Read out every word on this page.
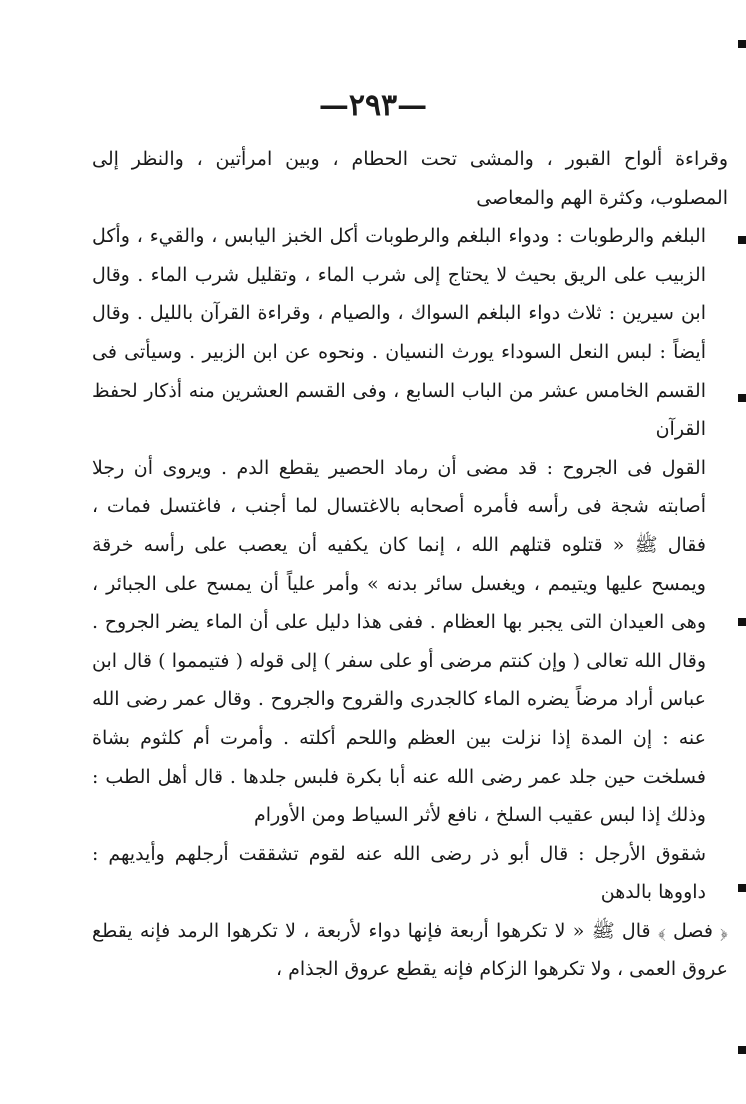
—٢٩٣—

وقراءة ألواح القبور ، والمشى تحت الحطام ، وبين امرأتين ، والنظر إلى المصلوب، وكثرة الهم والمعاصى

البلغم والرطوبات : ودواء البلغم والرطوبات أكل الخبز اليابس ، والقيء ، وأكل الزبيب على الريق بحيث لا يحتاج إلى شرب الماء ، وتقليل شرب الماء . وقال ابن سيرين : ثلاث دواء البلغم السواك ، والصيام ، وقراءة القرآن بالليل . وقال أيضاً : لبس النعل السوداء يورث النسيان . ونحوه عن ابن الزبير . وسيأتى فى القسم الخامس عشر من الباب السابع ، وفى القسم العشرين منه أذكار لحفظ القرآن

القول فى الجروح : قد مضى أن رماد الحصير يقطع الدم . ويروى أن رجلا أصابته شجة فى رأسه فأمره أصحابه بالاغتسال لما أجنب ، فاغتسل فمات ، فقال ﷺ « قتلوه قتلهم الله ، إنما كان يكفيه أن يعصب على رأسه خرقة ويمسح عليها ويتيمم ، ويغسل سائر بدنه » وأمر علياً أن يمسح على الجبائر ، وهى العيدان التى يجبر بها العظام . ففى هذا دليل على أن الماء يضر الجروح . وقال الله تعالى ( وإن كنتم مرضى أو على سفر ) إلى قوله ( فتيمموا ) قال ابن عباس أراد مرضاً يضره الماء كالجدرى والقروح والجروح . وقال عمر رضى الله عنه : إن المدة إذا نزلت بين العظم واللحم أكلته . وأمرت أم كلثوم بشاة فسلخت حين جلد عمر رضى الله عنه أبا بكرة فلبس جلدها . قال أهل الطب : وذلك إذا لبس عقيب السلخ ، نافع لأثر السياط ومن الأورام

شقوق الأرجل : قال أبو ذر رضى الله عنه لقوم تشققت أرجلهم وأيديهم : داووها بالدهن

﴿ فصل ﴾ قال ﷺ « لا تكرهوا أربعة فإنها دواء لأربعة ، لا تكرهوا الرمد فإنه يقطع عروق العمى ، ولا تكرهوا الزكام فإنه يقطع عروق الجذام ،
